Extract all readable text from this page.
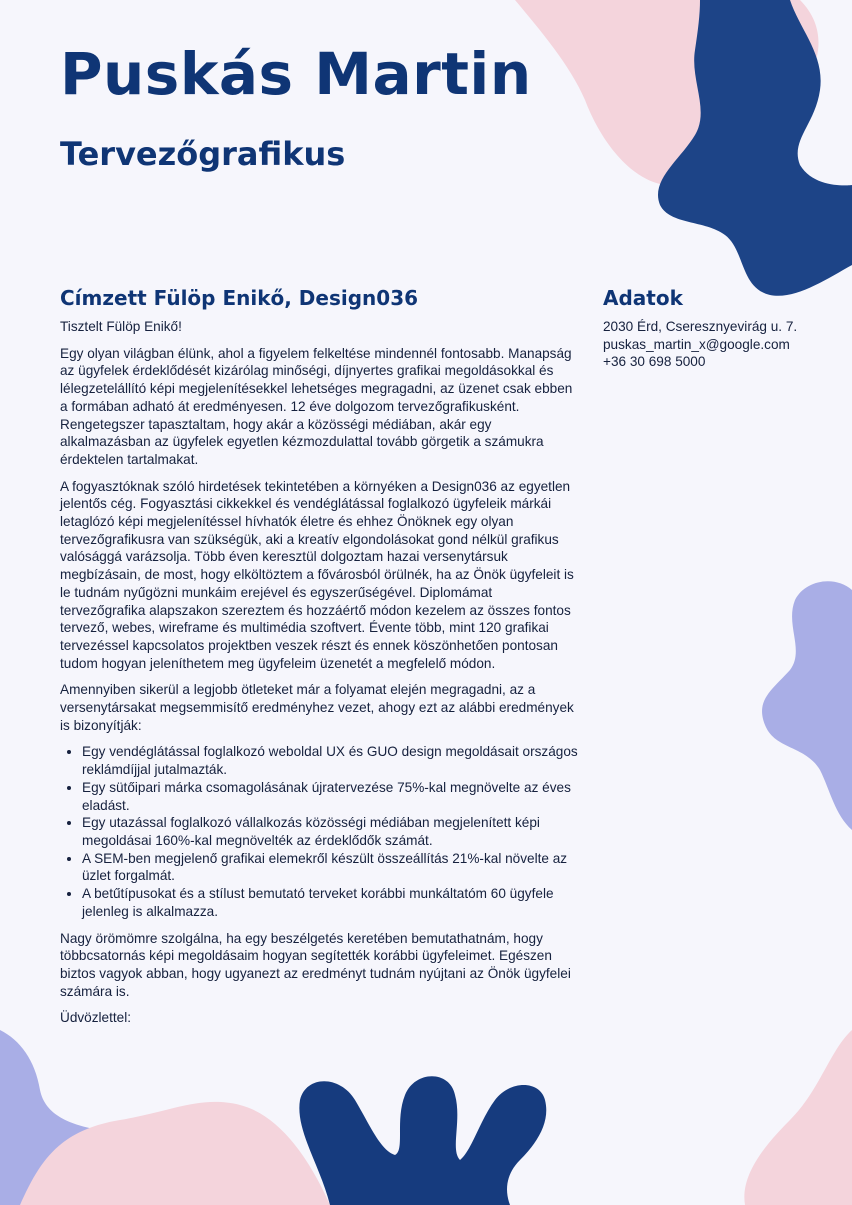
Puskás Martin
Tervezőgrafikus
Címzett Fülöp Enikő, Design036

Tisztelt Fülöp Enikő!

Egy olyan világban élünk, ahol a figyelem felkeltése mindennél fontosabb. Manapság az ügyfelek érdeklődését kizárólag minőségi, díjnyertes grafikai megoldásokkal és lélegzetelállító képi megjelenítésekkel lehetséges megragadni, az üzenet csak ebben a formában adható át eredményesen. 12 éve dolgozom tervezőgrafikusként. Rengetegszer tapasztaltam, hogy akár a közösségi médiában, akár egy alkalmazásban az ügyfelek egyetlen kézmozdulattal tovább görgetik a számukra érdektelen tartalmakat.

A fogyasztóknak szóló hirdetések tekintetében a környéken a Design036 az egyetlen jelentős cég. Fogyasztási cikkekkel és vendéglátással foglalkozó ügyfeleik márkái letaglózó képi megjelenítéssel hívhatók életre és ehhez Önöknek egy olyan tervezőgrafikusra van szükségük, aki a kreatív elgondolásokat gond nélkül grafikus valósággá varázsolja. Több éven keresztül dolgoztam hazai versenytársuk megbízásain, de most, hogy elköltöztem a fővárosból örülnék, ha az Önök ügyfeleit is le tudnám nyűgözni munkáim erejével és egyszerűségével. Diplomámat tervezőgrafika alapszakon szereztem és hozzáértő módon kezelem az összes fontos tervező, webes, wireframe és multimédia szoftvert. Évente több, mint 120 grafikai tervezéssel kapcsolatos projektben veszek részt és ennek köszönhetően pontosan tudom hogyan jeleníthetem meg ügyfeleim üzenetét a megfelelő módon.

Amennyiben sikerül a legjobb ötleteket már a folyamat elején megragadni, az a versenytársakat megsemmisítő eredményhez vezet, ahogy ezt az alábbi eredmények is bizonyítják:

• Egy vendéglátással foglalkozó weboldal UX és GUO design megoldásait országos reklámdíjjal jutalmazták.
• Egy sütőipari márka csomagolásának újratervezése 75%-kal megnövelte az éves eladást.
• Egy utazással foglalkozó vállalkozás közösségi médiában megjelenített képi megoldásai 160%-kal megnövelték az érdeklődők számát.
• A SEM-ben megjelenő grafikai elemekről készült összeállítás 21%-kal növelte az üzlet forgalmát.
• A betűtípusokat és a stílust bemutató terveket korábbi munkáltatóm 60 ügyfele jelenleg is alkalmazza.

Nagy örömömre szolgálna, ha egy beszélgetés keretében bemutathatnám, hogy többcsatornás képi megoldásaim hogyan segítették korábbi ügyfeleimet. Egészen biztos vagyok abban, hogy ugyanezt az eredményt tudnám nyújtani az Önök ügyfelei számára is.

Üdvözlettel:

Adatok
2030 Érd, Cseresznyevirág u. 7.
puskas_martin_x@google.com
+36 30 698 5000
